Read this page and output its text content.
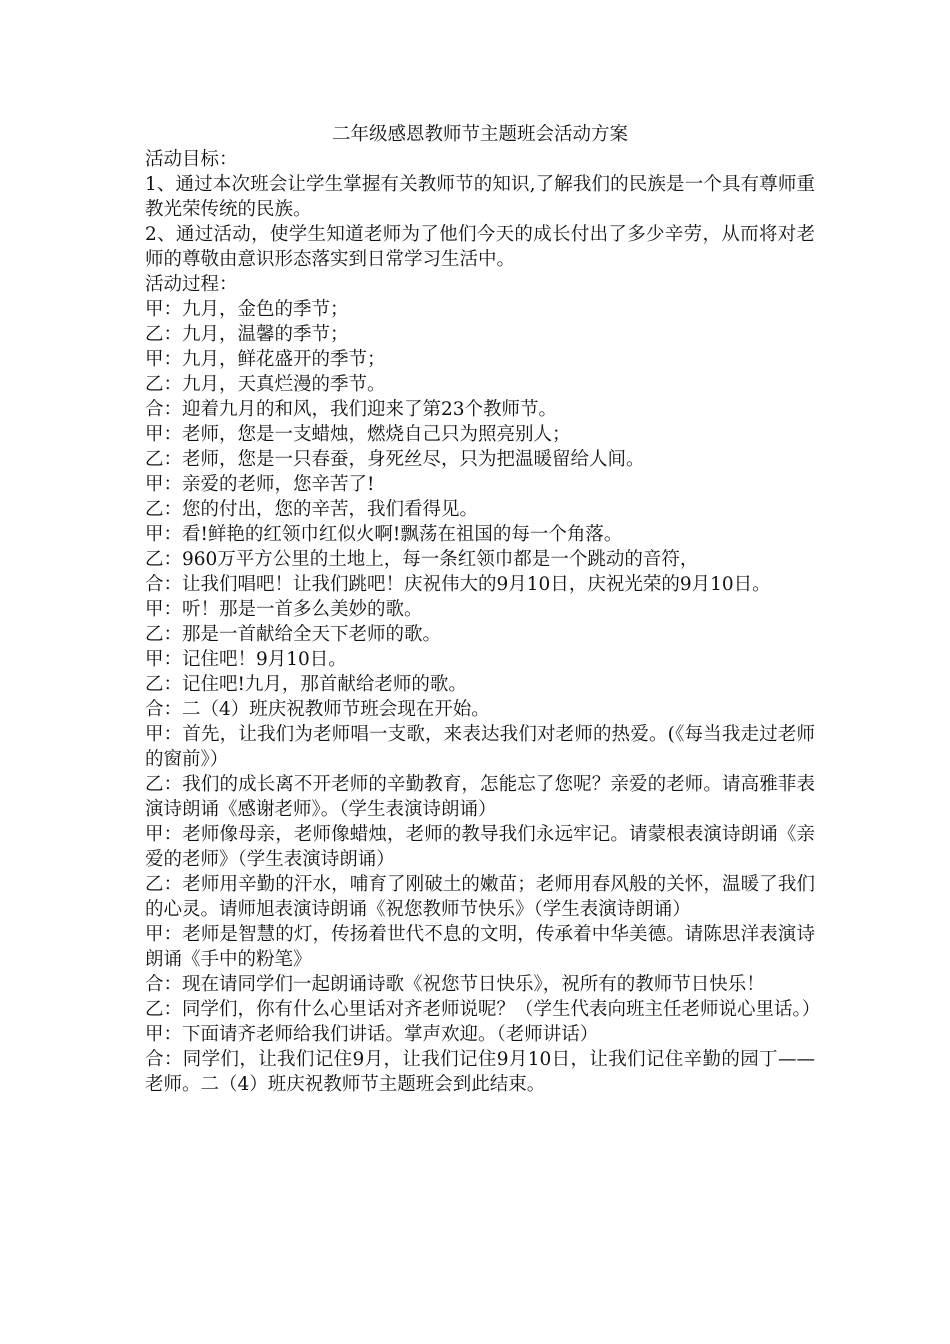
二年级感恩教师节主题班会活动方案

活动目标：

1、通过本次班会让学生掌握有关教师节的知识,了解我们的民族是一个具有尊师重教光荣传统的民族。

2、通过活动，使学生知道老师为了他们今天的成长付出了多少辛劳，从而将对老师的尊敬由意识形态落实到日常学习生活中。

活动过程：

甲：九月，金色的季节；

乙：九月，温馨的季节；

甲：九月，鲜花盛开的季节；

乙：九月，天真烂漫的季节。

合：迎着九月的和风，我们迎来了第23个教师节。

甲：老师，您是一支蜡烛，燃烧自己只为照亮别人；

乙：老师，您是一只春蚕，身死丝尽，只为把温暖留给人间。

甲：亲爱的老师，您辛苦了!

乙：您的付出，您的辛苦，我们看得见。

甲：看!鲜艳的红领巾红似火啊!飘荡在祖国的每一个角落。

乙：960万平方公里的土地上，每一条红领巾都是一个跳动的音符，

合：让我们唱吧！让我们跳吧！庆祝伟大的9月10日，庆祝光荣的9月10日。

甲：听！那是一首多么美妙的歌。

乙：那是一首献给全天下老师的歌。

甲：记住吧！9月10日。

乙：记住吧!九月，那首献给老师的歌。

合：二（4）班庆祝教师节班会现在开始。

甲：首先，让我们为老师唱一支歌，来表达我们对老师的热爱。(《每当我走过老师的窗前》）

乙：我们的成长离不开老师的辛勤教育，怎能忘了您呢？亲爱的老师。请高雅菲表演诗朗诵《感谢老师》。（学生表演诗朗诵）

甲：老师像母亲，老师像蜡烛，老师的教导我们永远牢记。请蒙根表演诗朗诵《亲爱的老师》（学生表演诗朗诵）

乙：老师用辛勤的汗水，哺育了刚破土的嫩苗；老师用春风般的关怀，温暖了我们的心灵。请师旭表演诗朗诵《祝您教师节快乐》（学生表演诗朗诵）

甲：老师是智慧的灯，传扬着世代不息的文明，传承着中华美德。请陈思洋表演诗朗诵《手中的粉笔》

合：现在请同学们一起朗诵诗歌《祝您节日快乐》，祝所有的教师节日快乐！

乙：同学们，你有什么心里话对齐老师说呢？（学生代表向班主任老师说心里话。）

甲：下面请齐老师给我们讲话。掌声欢迎。（老师讲话）

合：同学们，让我们记住9月，让我们记住9月10日，让我们记住辛勤的园丁——老师。二（4）班庆祝教师节主题班会到此结束。
